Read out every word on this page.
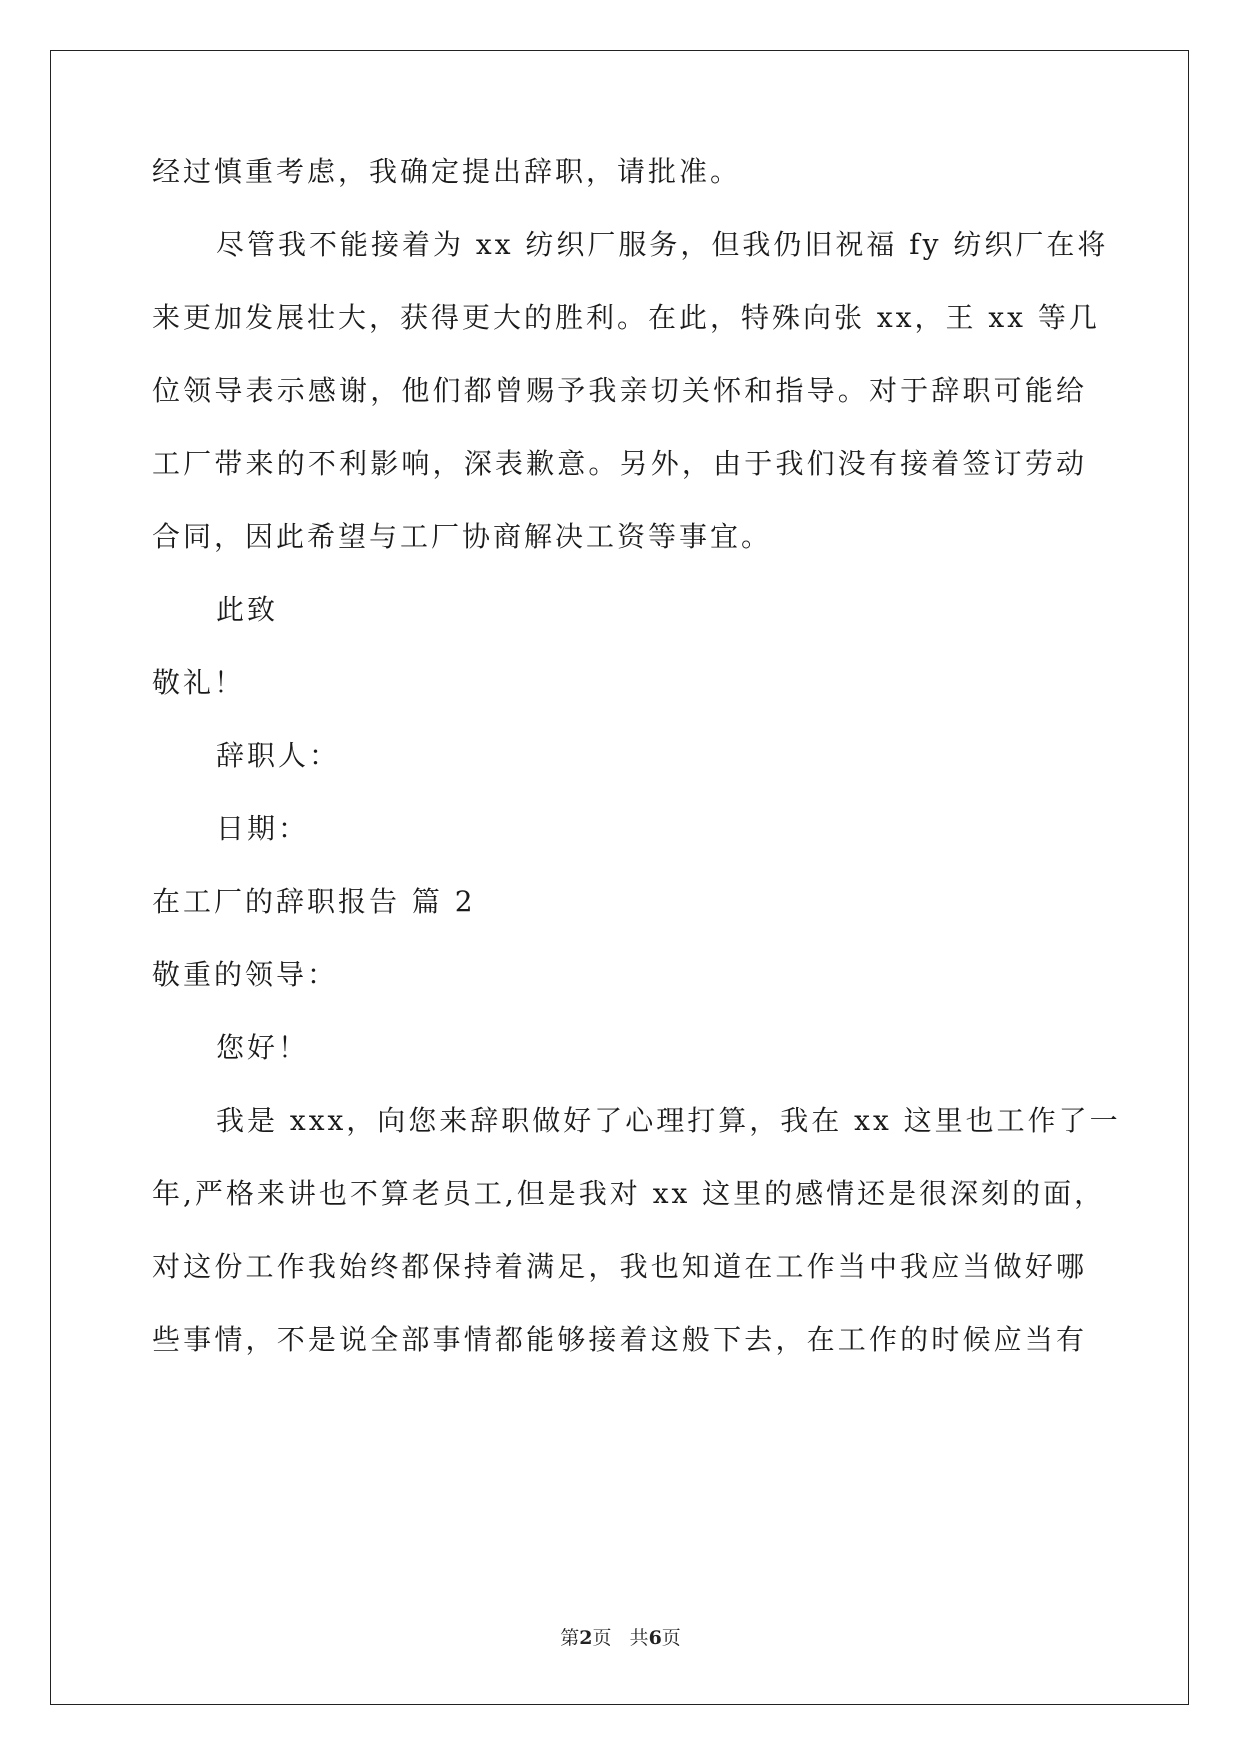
经过慎重考虑，我确定提出辞职，请批准。
尽管我不能接着为 xx 纺织厂服务，但我仍旧祝福 fy 纺织厂在将
来更加发展壮大，获得更大的胜利。在此，特殊向张 xx，王 xx 等几
位领导表示感谢，他们都曾赐予我亲切关怀和指导。对于辞职可能给
工厂带来的不利影响，深表歉意。另外，由于我们没有接着签订劳动
合同，因此希望与工厂协商解决工资等事宜。
此致
敬礼！
辞职人：
日期：
在工厂的辞职报告 篇 2
敬重的领导：
您好！
我是 xxx，向您来辞职做好了心理打算，我在 xx 这里也工作了一
年,严格来讲也不算老员工,但是我对 xx 这里的感情还是很深刻的面，
对这份工作我始终都保持着满足，我也知道在工作当中我应当做好哪
些事情，不是说全部事情都能够接着这般下去，在工作的时候应当有
第2页   共6页
